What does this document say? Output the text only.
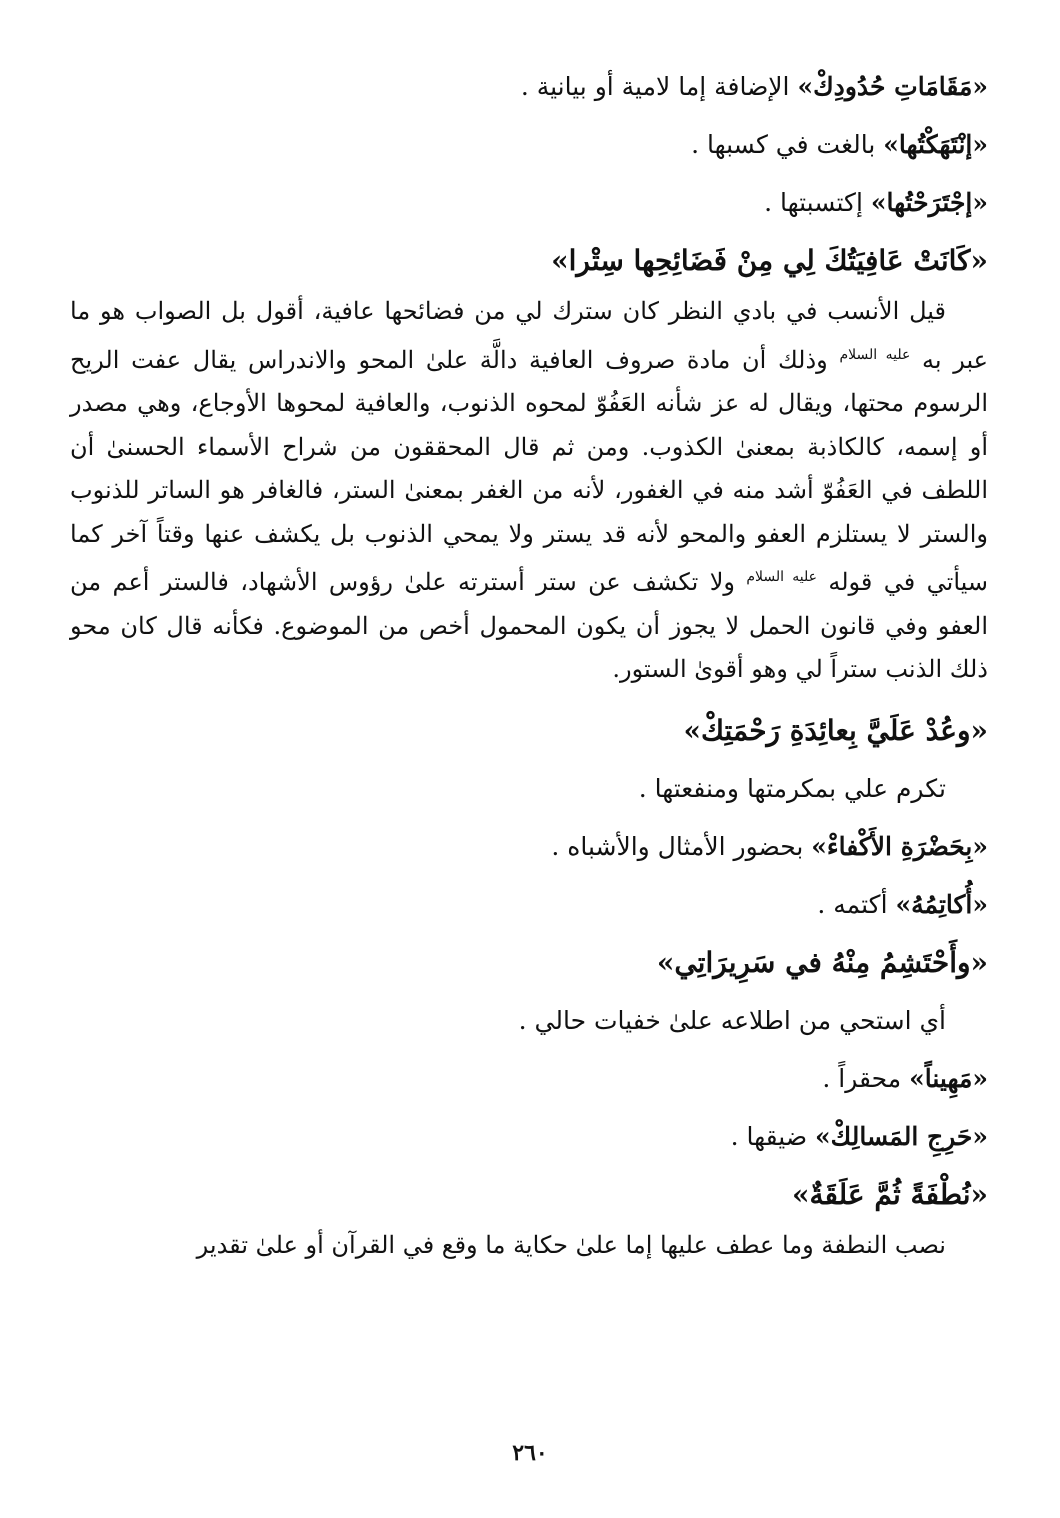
«مَقَامَاتِ حُدُودِكْ» الإضافة إما لامية أو بيانية .
«إنْتَهَكْتُها» بالغت في كسبها .
«إجْتَرَحْتُها» إكتسبتها .
«كَانَتْ عَافِيَتُكَ لِي مِنْ فَضَائِحِها سِتْرا»

قيل الأنسب في بادي النظر كان سترك لي من فضائحها عافية، أقول بل الصواب هو ما عبر به $^{عليه السلام}$ وذلك أن مادة صروف العافية دالَّة علىٰ المحو والاندراس يقال عفت الريح الرسوم محتها، ويقال له عز شأنه العَفُوّ لمحوه الذنوب، والعافية لمحوها الأوجاع، وهي مصدر أو إسمه، كالكاذبة بمعنىٰ الكذوب. ومن ثم قال المحققون من شراح الأسماء الحسنىٰ أن اللطف في العَفُوّ أشد منه في الغفور، لأنه من الغفر بمعنىٰ الستر، فالغافر هو الساتر للذنوب والستر لا يستلزم العفو والمحو لأنه قد يستر ولا يمحي الذنوب بل يكشف عنها وقتاً آخر كما سيأتي في قوله $^{عليه السلام}$ ولا تكشف عن ستر أسترته علىٰ رؤوس الأشهاد، فالستر أعم من العفو وفي قانون الحمل لا يجوز أن يكون المحمول أخص من الموضوع. فكأنه قال كان محو ذلك الذنب ستراً لي وهو أقوىٰ الستور.

«وعُدْ عَلَيَّ بِعائِدَةِ رَحْمَتِكْ»
تكرم علي بمكرمتها ومنفعتها .
«بِحَضْرَةِ الأَكْفاءْ» بحضور الأمثال والأشباه .
«أُكاتِمُهُ» أكتمه .
«وأَحْتَشِمُ مِنْهُ في سَرِيرَاتِي»
أي استحي من اطلاعه علىٰ خفيات حالي .
«مَهِيناً» محقراً .
«حَرِجِ المَسالِكْ» ضيقها .
«نُطْفَةً ثُمَّ عَلَقَةٌ»

نصب النطفة وما عطف عليها إما علىٰ حكاية ما وقع في القرآن أو علىٰ تقدير

٢٦٠
